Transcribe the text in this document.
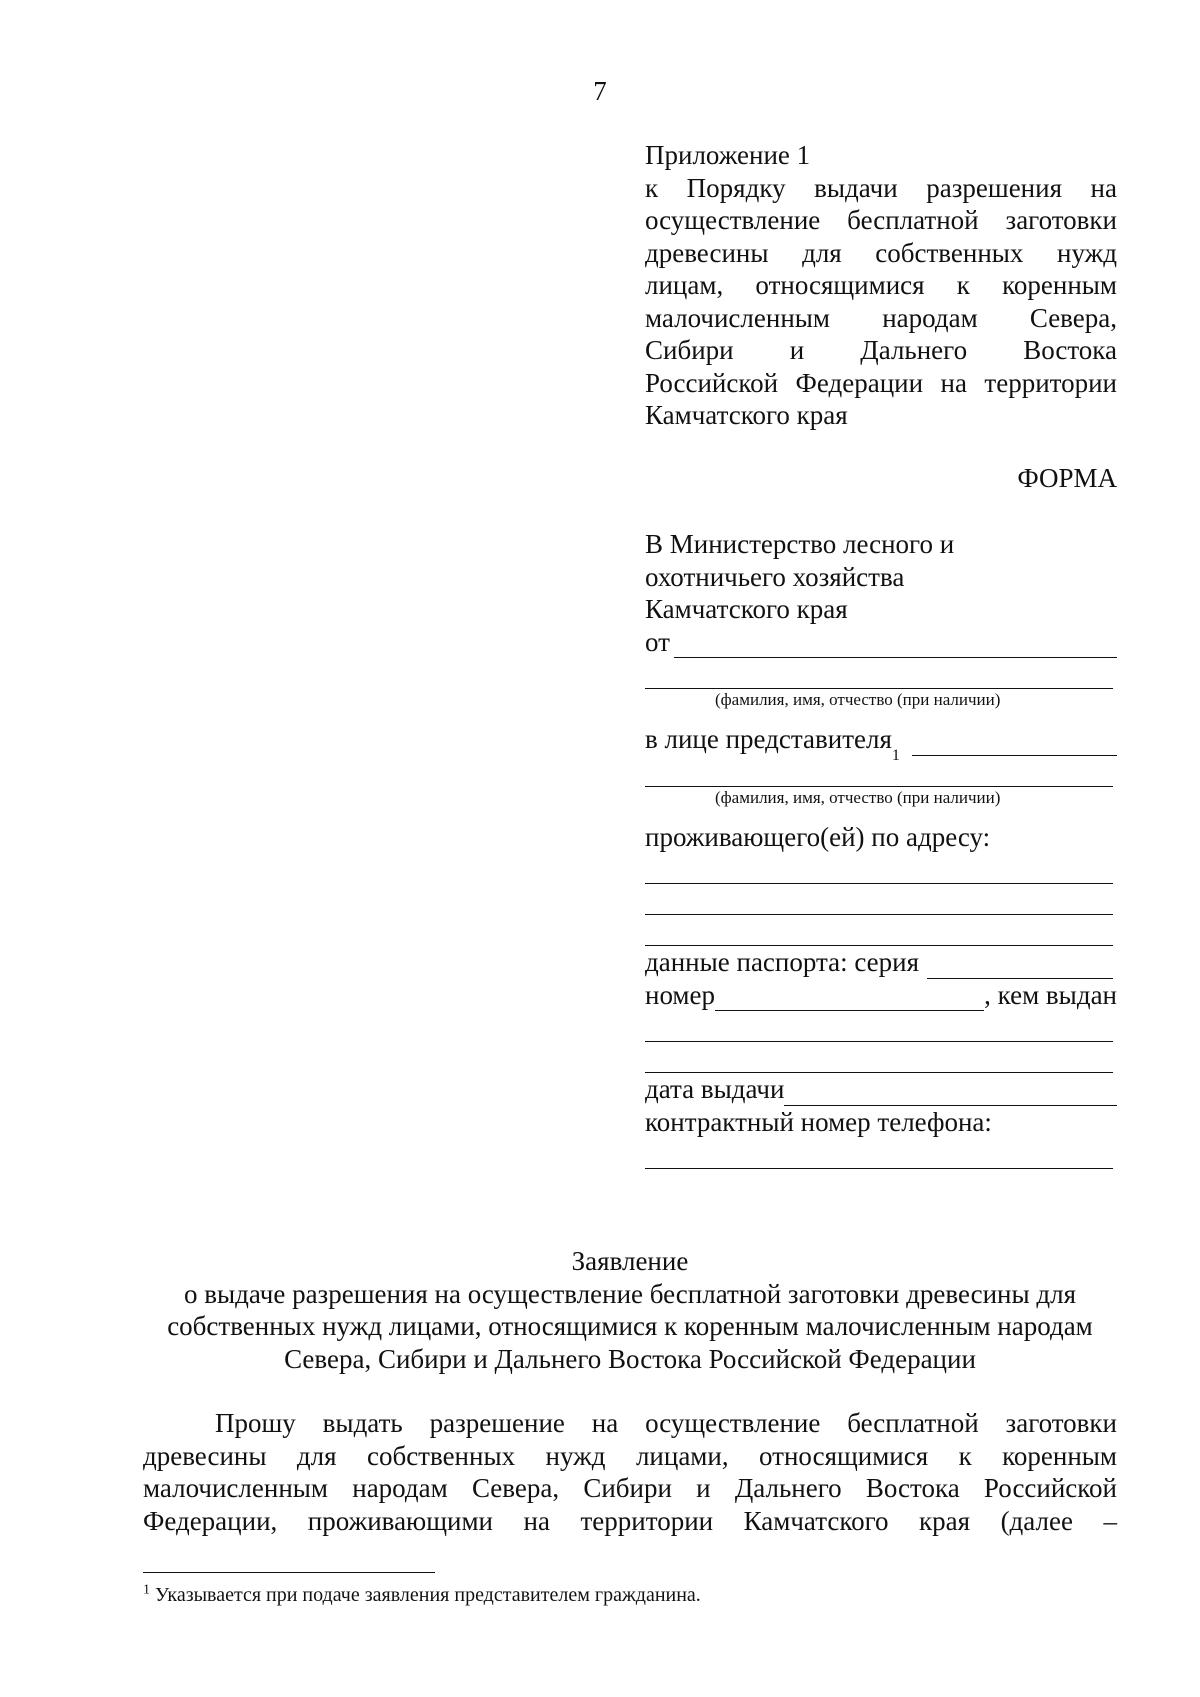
7
Приложение 1
к Порядку выдачи разрешения на
осуществление бесплатной заготовки
древесины для собственных нужд
лицам, относящимися к коренным
малочисленным народам Севера,
Сибири и Дальнего Востока
Российской Федерации на территории
Камчатского края
ФОРМА
В Министерство лесного и
охотничьего хозяйства
Камчатского края
от
(фамилия, имя, отчество (при наличии)
в лице представителя
1
(фамилия, имя, отчество (при наличии)
проживающего(ей) по адресу:
данные паспорта: серия
номер	, кем выдан
дата выдачи
контрактный номер телефона:
Заявление
о выдаче разрешения на осуществление бесплатной заготовки древесины для
собственных нужд лицами, относящимися к коренным малочисленным народам
Севера, Сибири и Дальнего Востока Российской Федерации
Прошу выдать разрешение на осуществление бесплатной заготовки
древесины для собственных нужд лицами, относящимися к коренным
малочисленным народам Севера, Сибири и Дальнего Востока Российской
Федерации, проживающими на территории Камчатского края (далее –
$^1$ Указывается при подаче заявления представителем гражданина.
